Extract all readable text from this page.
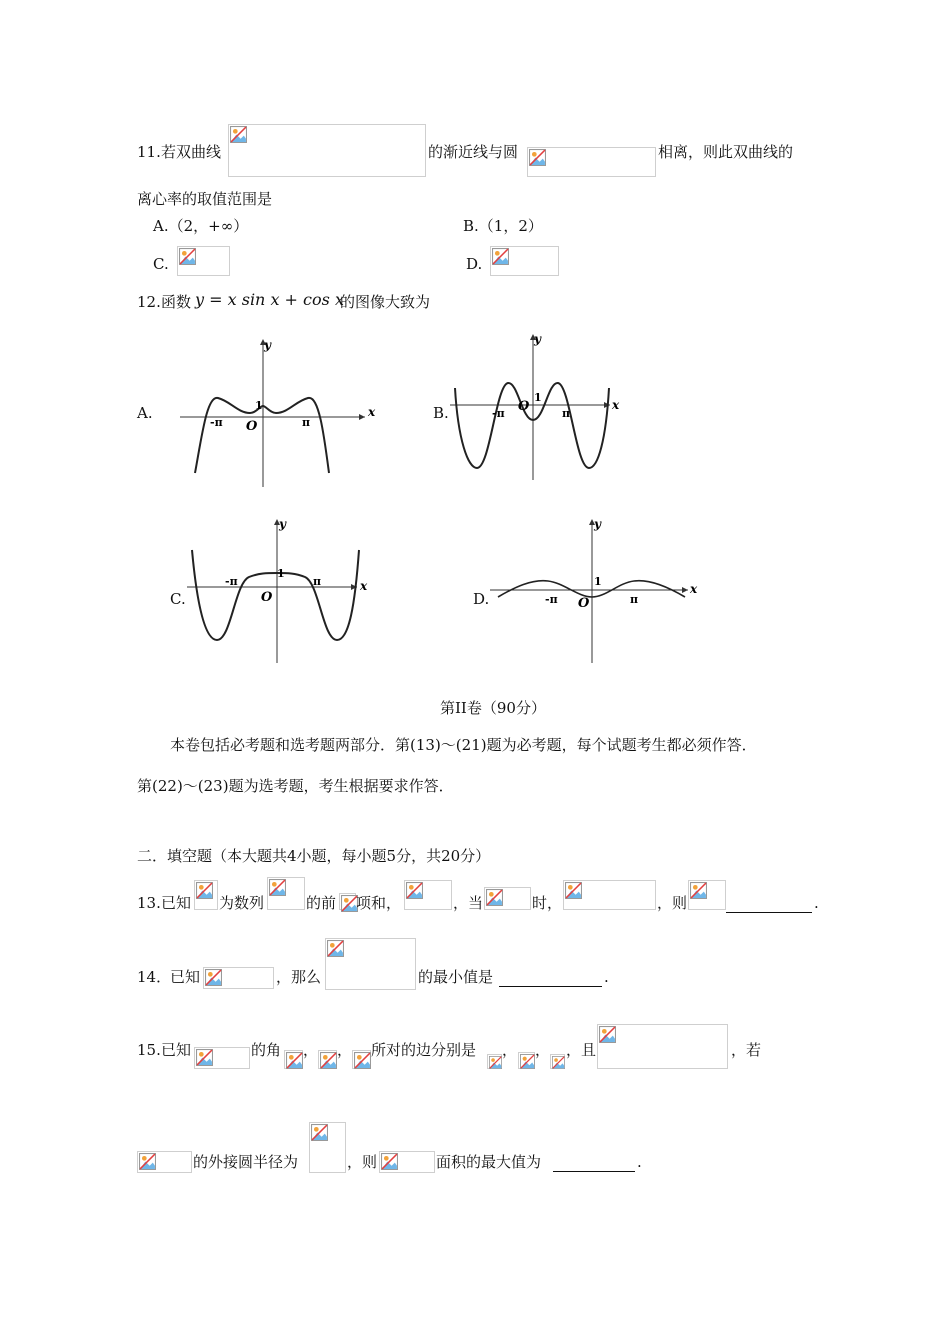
11. 若双曲线	的渐近线与圆	相离，则此双曲线的
离心率的取值范围是
A.（2，+∞）	B.（1，2）
C.	D.
12. 函数 y = x sin x + cos x
的图像大致为
A.
y
x
O
1
-π	π
B.
y
x
O
1
-π	π
C.
y
x
O
1
-π	π
D.
y
x
O
1
-π	π
第II卷（90分）
本卷包括必考题和选考题两部分．第(13)～(21)题为必考题，每个试题考生都必须作答．
第(22)～(23)题为选考题，考生根据要求作答．
二．填空题（本大题共4小题，每小题5分，共20分）
13. 已知 为数列	的前 项和，	，当	时，	，则	.
14．
已知	，那么	的最小值是	.
15. 已知	的角 ， ， 所对的边分别是 ， ， ，且	，若
的外接圆半径为	，则	面积的最大值为	.
